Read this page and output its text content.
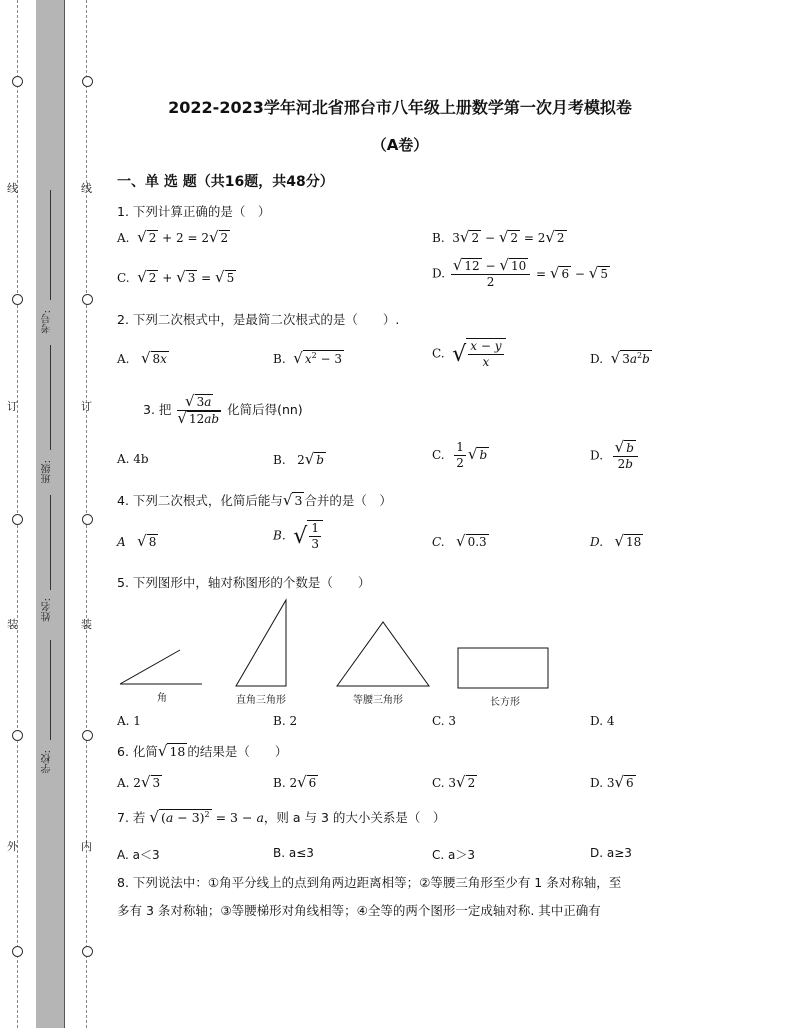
线
订
装
外
线
订
装
内
考号:
班级:
姓名:
学校:
2022-2023学年河北省邢台市八年级上册数学第一次月考模拟卷
（A卷）
一、单 选 题（共16题，共48分）
1. 下列计算正确的是（　）
A. √ 2 + 2 = 2√ 2	B.  3√ 2 − √ 2 = 2√ 2
C. √ 2 + √ 3 = √ 5	D. $\frac{√ 12 - √ 10}{2}$ = √ 6 − √ 5
2. 下列二次根式中，是最简二次根式的是（　　）.
A. √ 8x	B. √ $x^2 - 3$	C. √ $\frac{x - y}{x}$	D. √ $3a^2b$
3. 把 $\frac{√ 3a}{√ 12ab}$ 化简后得(nn)
A. 4b	B.   2√ b	C. $\frac{1}{2}$ √ b	D. $\frac{√ b}{2b}$
4. 下列二次根式，化简后能与√ 3 合并的是（　）
A √ 8	B. √ $\frac{1}{3}$	C. √ 0.3	D. √ 18
5. 下列图形中，轴对称图形的个数是（　　）
角	直角三角形	等腰三角形	长方形
A. 1	B. 2	C. 3	D. 4
6. 化简√ 18 的结果是（　　）
A. 2√ 3	B. 2√ 6	C. 3√ 2	D. 3√ 6
7. 若 √ $(a - 3)^2 = 3 - a$，则 a 与 3 的大小关系是（　）
A. a＜3	B. a≤3	C. a＞3	D. a≥3
8. 下列说法中：①角平分线上的点到角两边距离相等；②等腰三角形至少有 1 条对称轴，至
多有 3 条对称轴；③等腰梯形对角线相等；④全等的两个图形一定成轴对称. 其中正确有
